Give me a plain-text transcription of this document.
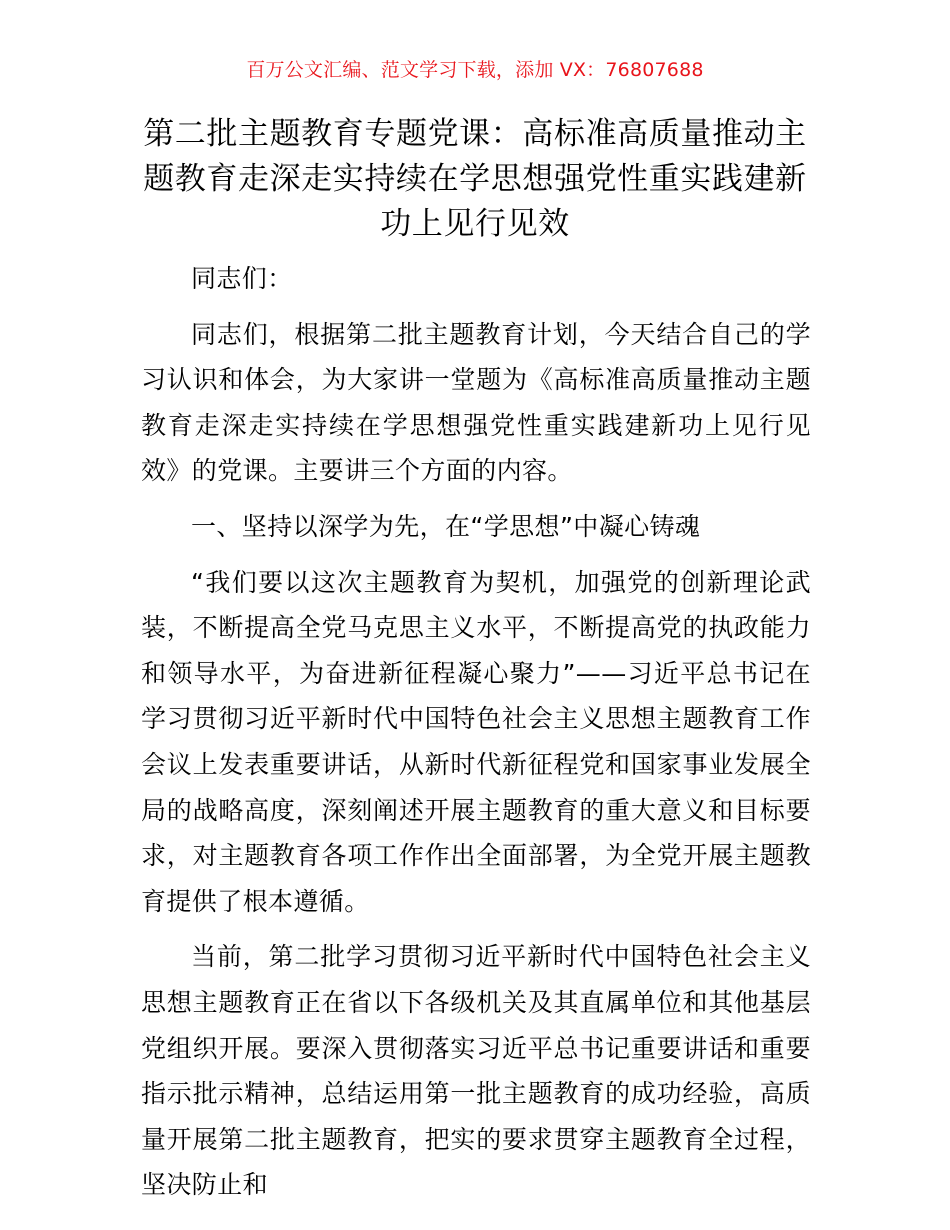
百万公文汇编、范文学习下载，添加 VX：76807688
第二批主题教育专题党课：高标准高质量推动主题教育走深走实持续在学思想强党性重实践建新功上见行见效

同志们：

同志们，根据第二批主题教育计划，今天结合自己的学习认识和体会，为大家讲一堂题为《高标准高质量推动主题教育走深走实持续在学思想强党性重实践建新功上见行见效》的党课。主要讲三个方面的内容。

一、坚持以深学为先，在“学思想”中凝心铸魂

“我们要以这次主题教育为契机，加强党的创新理论武装，不断提高全党马克思主义水平，不断提高党的执政能力和领导水平，为奋进新征程凝心聚力”——习近平总书记在学习贯彻习近平新时代中国特色社会主义思想主题教育工作会议上发表重要讲话，从新时代新征程党和国家事业发展全局的战略高度，深刻阐述开展主题教育的重大意义和目标要求，对主题教育各项工作作出全面部署，为全党开展主题教育提供了根本遵循。

当前，第二批学习贯彻习近平新时代中国特色社会主义思想主题教育正在省以下各级机关及其直属单位和其他基层党组织开展。要深入贯彻落实习近平总书记重要讲话和重要指示批示精神，总结运用第一批主题教育的成功经验，高质量开展第二批主题教育，把实的要求贯穿主题教育全过程，坚决防止和
